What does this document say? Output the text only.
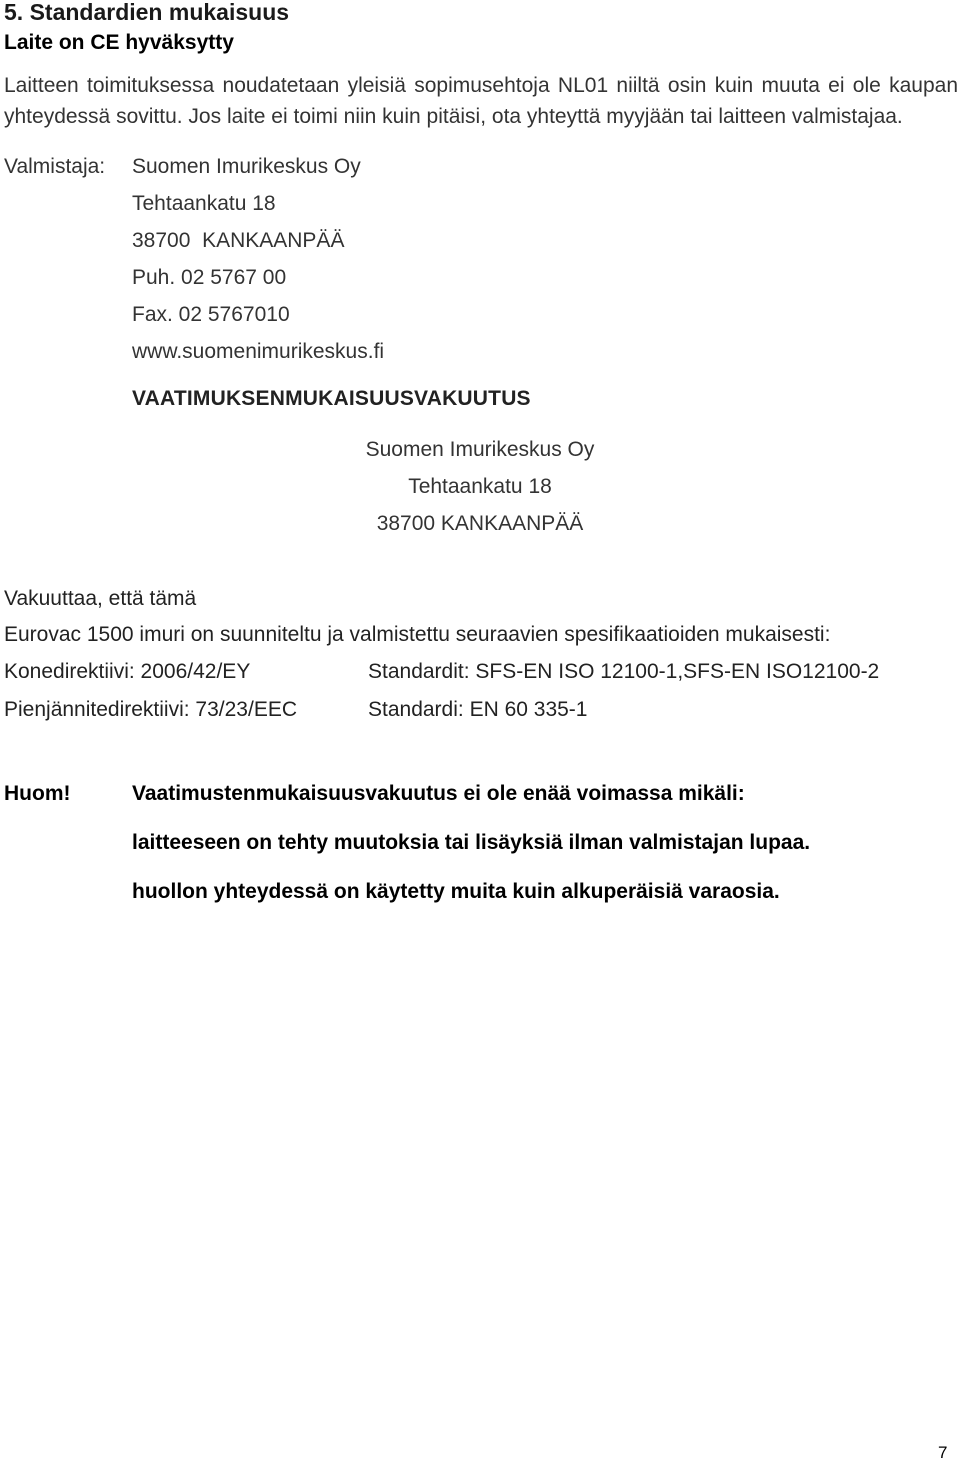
5. Standardien mukaisuus
Laite on CE hyväksytty
Laitteen toimituksessa noudatetaan yleisiä sopimusehtoja NL01 niiltä osin kuin muuta ei ole kaupan yhteydessä sovittu. Jos laite ei toimi niin kuin pitäisi, ota yhteyttä myyjään tai laitteen valmistajaa.
Valmistaja: Suomen Imurikeskus Oy
Tehtaankatu 18
38700  KANKAANPÄÄ
Puh. 02 5767 00
Fax. 02 5767010
www.suomenimurikeskus.fi
VAATIMUKSENMUKAISUUSVAKUUTUS
Suomen Imurikeskus Oy
Tehtaankatu 18
38700 KANKAANPÄÄ
Vakuuttaa, että tämä
Eurovac 1500 imuri on suunniteltu ja valmistettu seuraavien spesifikaatioiden mukaisesti:
Konedirektiivi: 2006/42/EY	Standardit: SFS-EN ISO 12100-1,SFS-EN ISO12100-2
Pienjännitedirektiivi: 73/23/EEC	Standardi: EN 60 335-1
Huom!	Vaatimustenmukaisuusvakuutus ei ole enää voimassa mikäli:
laitteeseen on tehty muutoksia tai lisäyksiä ilman valmistajan lupaa.
huollon yhteydessä on käytetty muita kuin alkuperäisiä varaosia.
7
